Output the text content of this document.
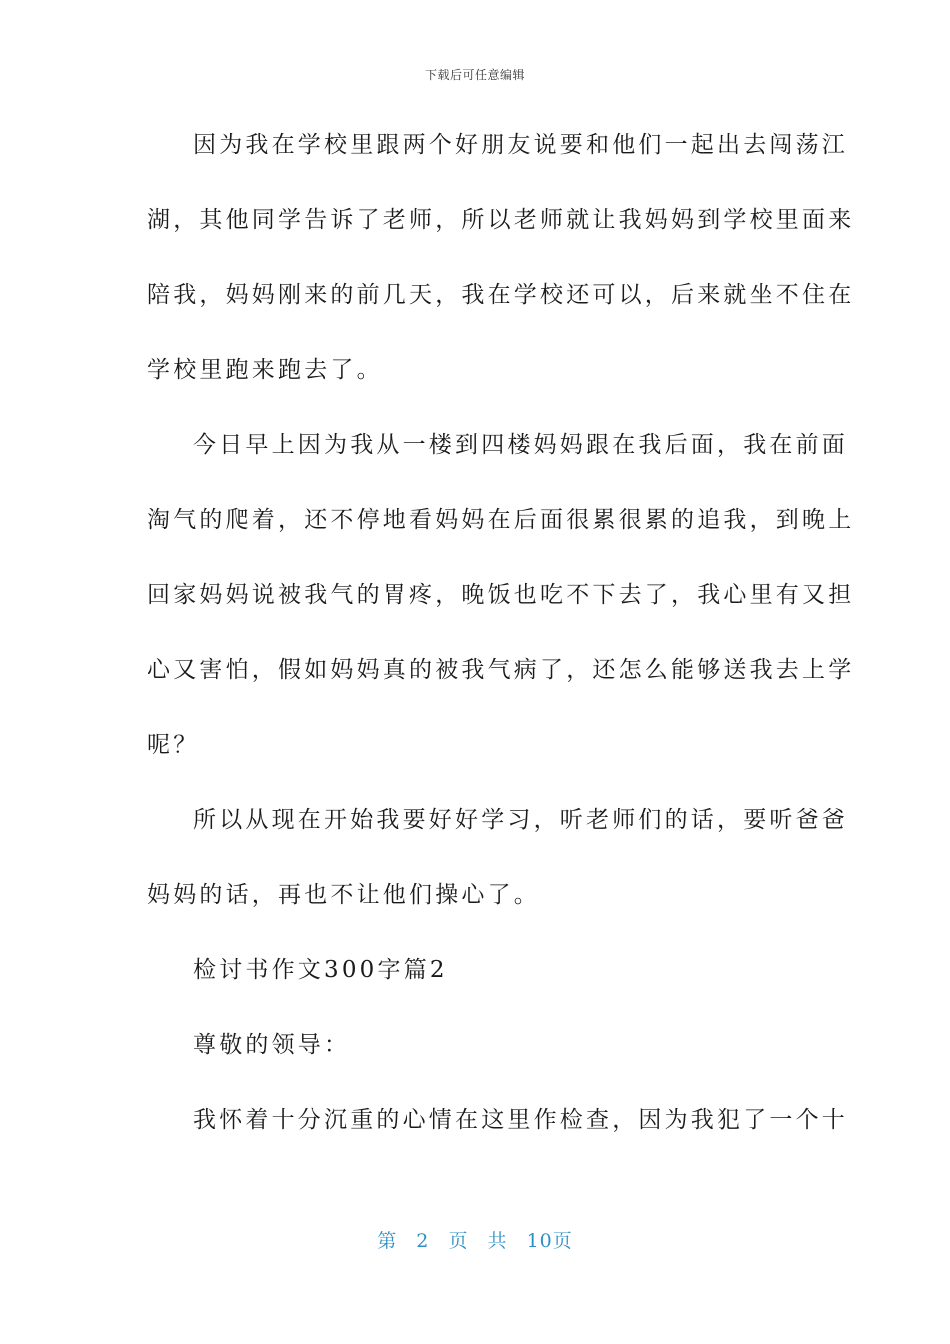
下载后可任意编辑
因为我在学校里跟两个好朋友说要和他们一起出去闯荡江
湖，其他同学告诉了老师，所以老师就让我妈妈到学校里面来
陪我，妈妈刚来的前几天，我在学校还可以，后来就坐不住在
学校里跑来跑去了。
今日早上因为我从一楼到四楼妈妈跟在我后面，我在前面
淘气的爬着，还不停地看妈妈在后面很累很累的追我，到晚上
回家妈妈说被我气的胃疼，晚饭也吃不下去了，我心里有又担
心又害怕，假如妈妈真的被我气病了，还怎么能够送我去上学
呢？
所以从现在开始我要好好学习，听老师们的话，要听爸爸
妈妈的话，再也不让他们操心了。
检讨书作文300字篇2
尊敬的领导：
我怀着十分沉重的心情在这里作检查，因为我犯了一个十
第 2 页 共 10页
